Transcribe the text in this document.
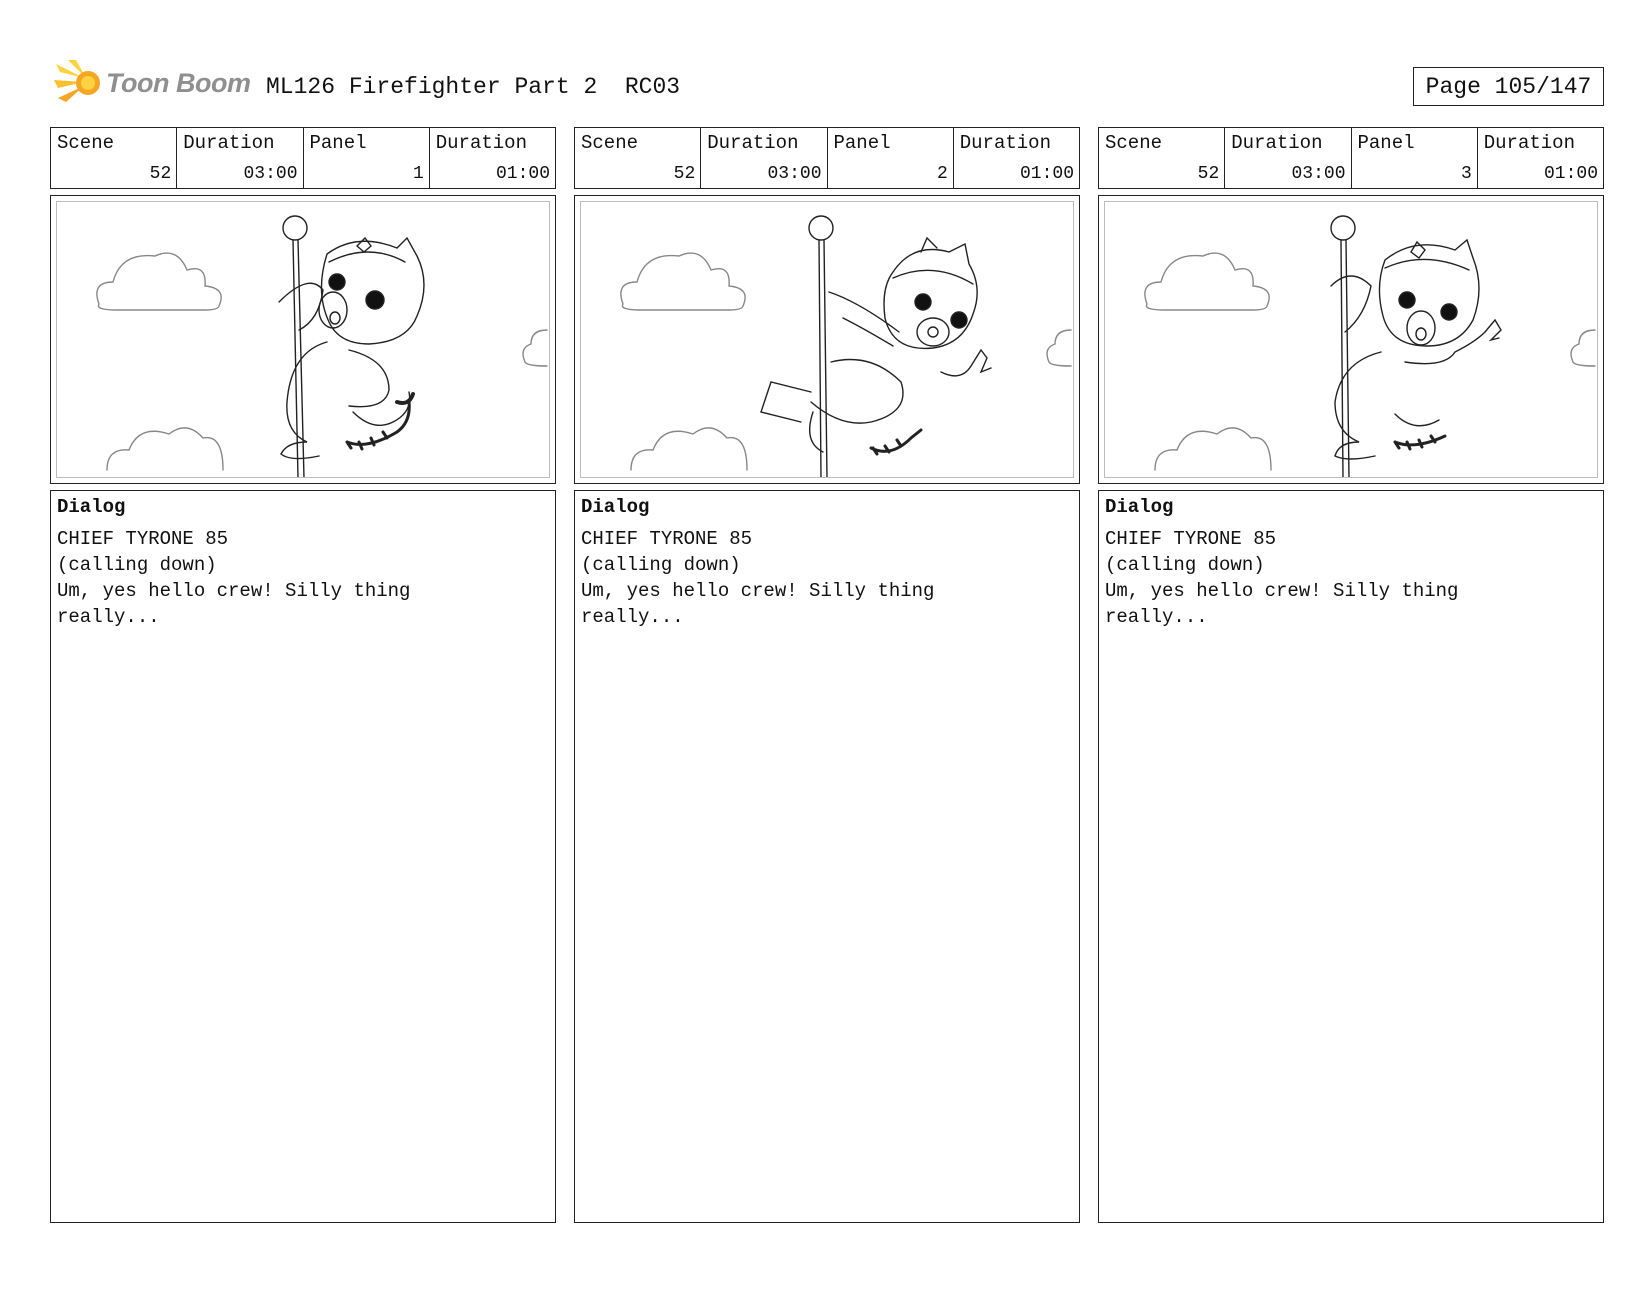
Toon Boom ML126 Firefighter Part 2  RC03	Page 105/147
Scene
52
Duration
03:00
Panel
1
Duration
01:00
Dialog
CHIEF TYRONE 85
(calling down)
Um, yes hello crew! Silly thing
really...
Scene
52
Duration
03:00
Panel
2
Duration
01:00
Dialog
CHIEF TYRONE 85
(calling down)
Um, yes hello crew! Silly thing
really...
Scene
52
Duration
03:00
Panel
3
Duration
01:00
Dialog
CHIEF TYRONE 85
(calling down)
Um, yes hello crew! Silly thing
really...
